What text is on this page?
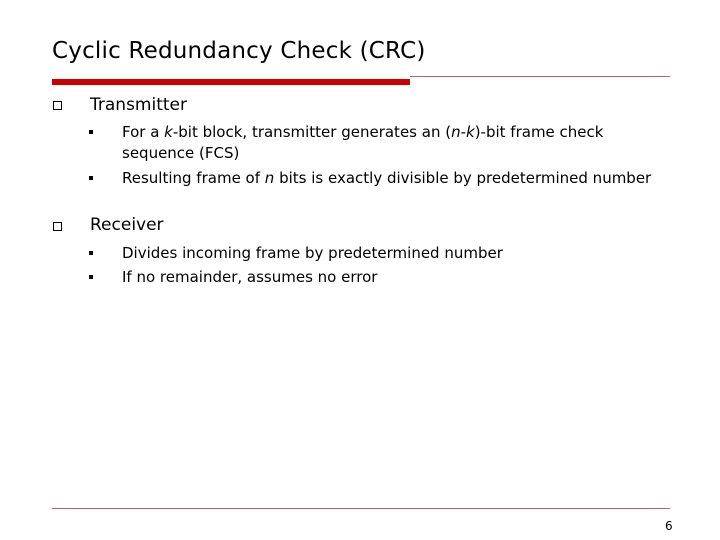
Cyclic Redundancy Check (CRC)
Transmitter
For a k-bit block, transmitter generates an (n-k)-bit frame check sequence (FCS)
Resulting frame of n bits is exactly divisible by predetermined number
Receiver
Divides incoming frame by predetermined number
If no remainder, assumes no error
6
